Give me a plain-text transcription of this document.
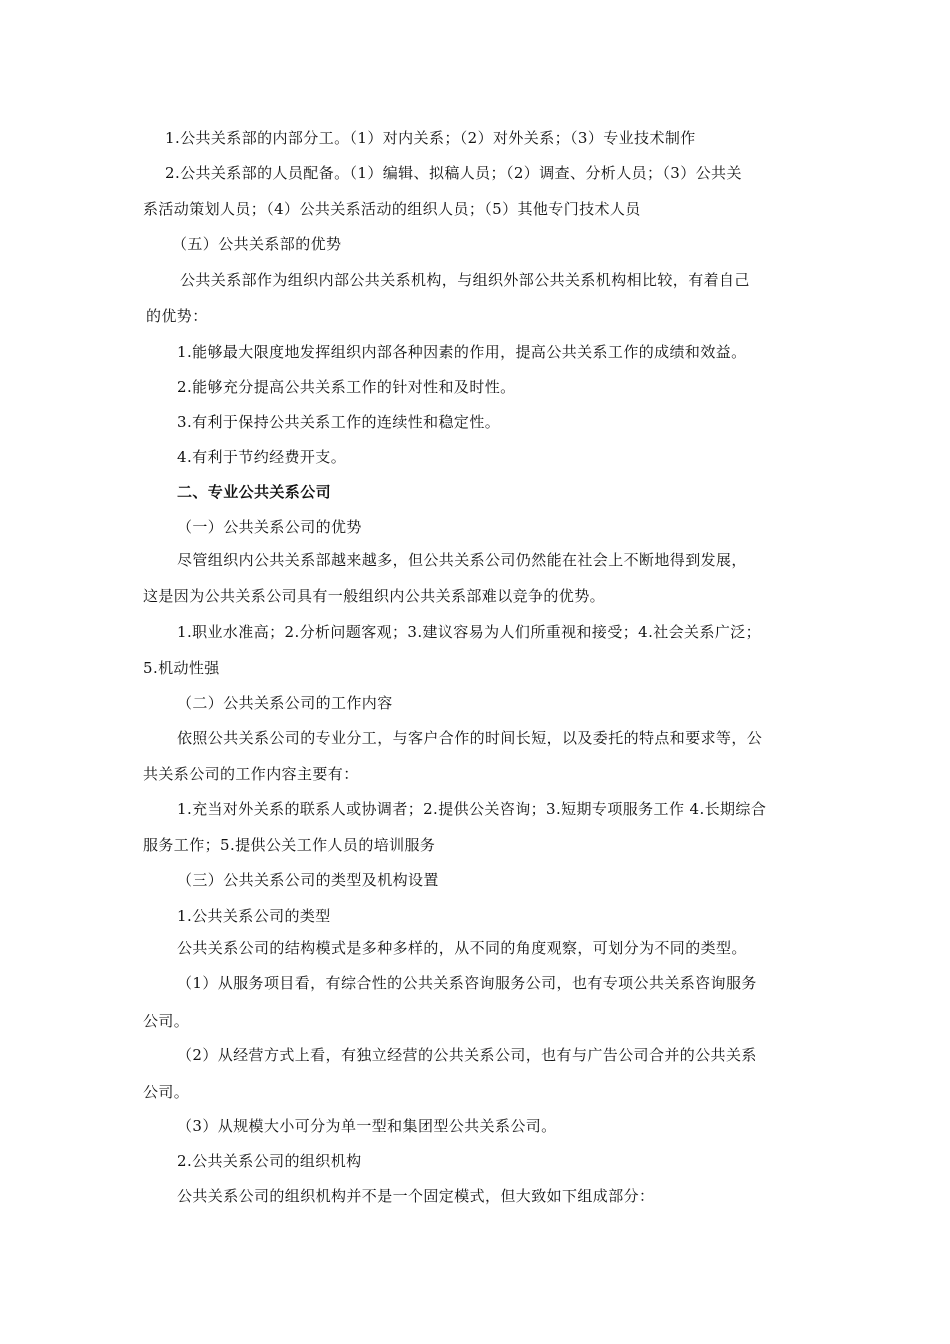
1.公共关系部的内部分工。（1）对内关系；（2）对外关系；（3）专业技术制作
2.公共关系部的人员配备。（1）编辑、拟稿人员；（2）调查、分析人员；（3）公共关
系活动策划人员；（4）公共关系活动的组织人员；（5）其他专门技术人员
（五）公共关系部的优势
公共关系部作为组织内部公共关系机构，与组织外部公共关系机构相比较，有着自己
的优势：
1.能够最大限度地发挥组织内部各种因素的作用，提高公共关系工作的成绩和效益。
2.能够充分提高公共关系工作的针对性和及时性。
3.有利于保持公共关系工作的连续性和稳定性。
4.有利于节约经费开支。
二、专业公共关系公司
（一）公共关系公司的优势
尽管组织内公共关系部越来越多，但公共关系公司仍然能在社会上不断地得到发展，
这是因为公共关系公司具有一般组织内公共关系部难以竞争的优势。
1.职业水准高；2.分析问题客观；3.建议容易为人们所重视和接受；4.社会关系广泛；
5.机动性强
（二）公共关系公司的工作内容
依照公共关系公司的专业分工，与客户合作的时间长短，以及委托的特点和要求等，公
共关系公司的工作内容主要有：
1.充当对外关系的联系人或协调者；2.提供公关咨询；3.短期专项服务工作 4.长期综合
服务工作；5.提供公关工作人员的培训服务
（三）公共关系公司的类型及机构设置
1.公共关系公司的类型
公共关系公司的结构模式是多种多样的，从不同的角度观察，可划分为不同的类型。
（1）从服务项目看，有综合性的公共关系咨询服务公司，也有专项公共关系咨询服务
公司。
（2）从经营方式上看，有独立经营的公共关系公司，也有与广告公司合并的公共关系
公司。
（3）从规模大小可分为单一型和集团型公共关系公司。
2.公共关系公司的组织机构
公共关系公司的组织机构并不是一个固定模式，但大致如下组成部分：
